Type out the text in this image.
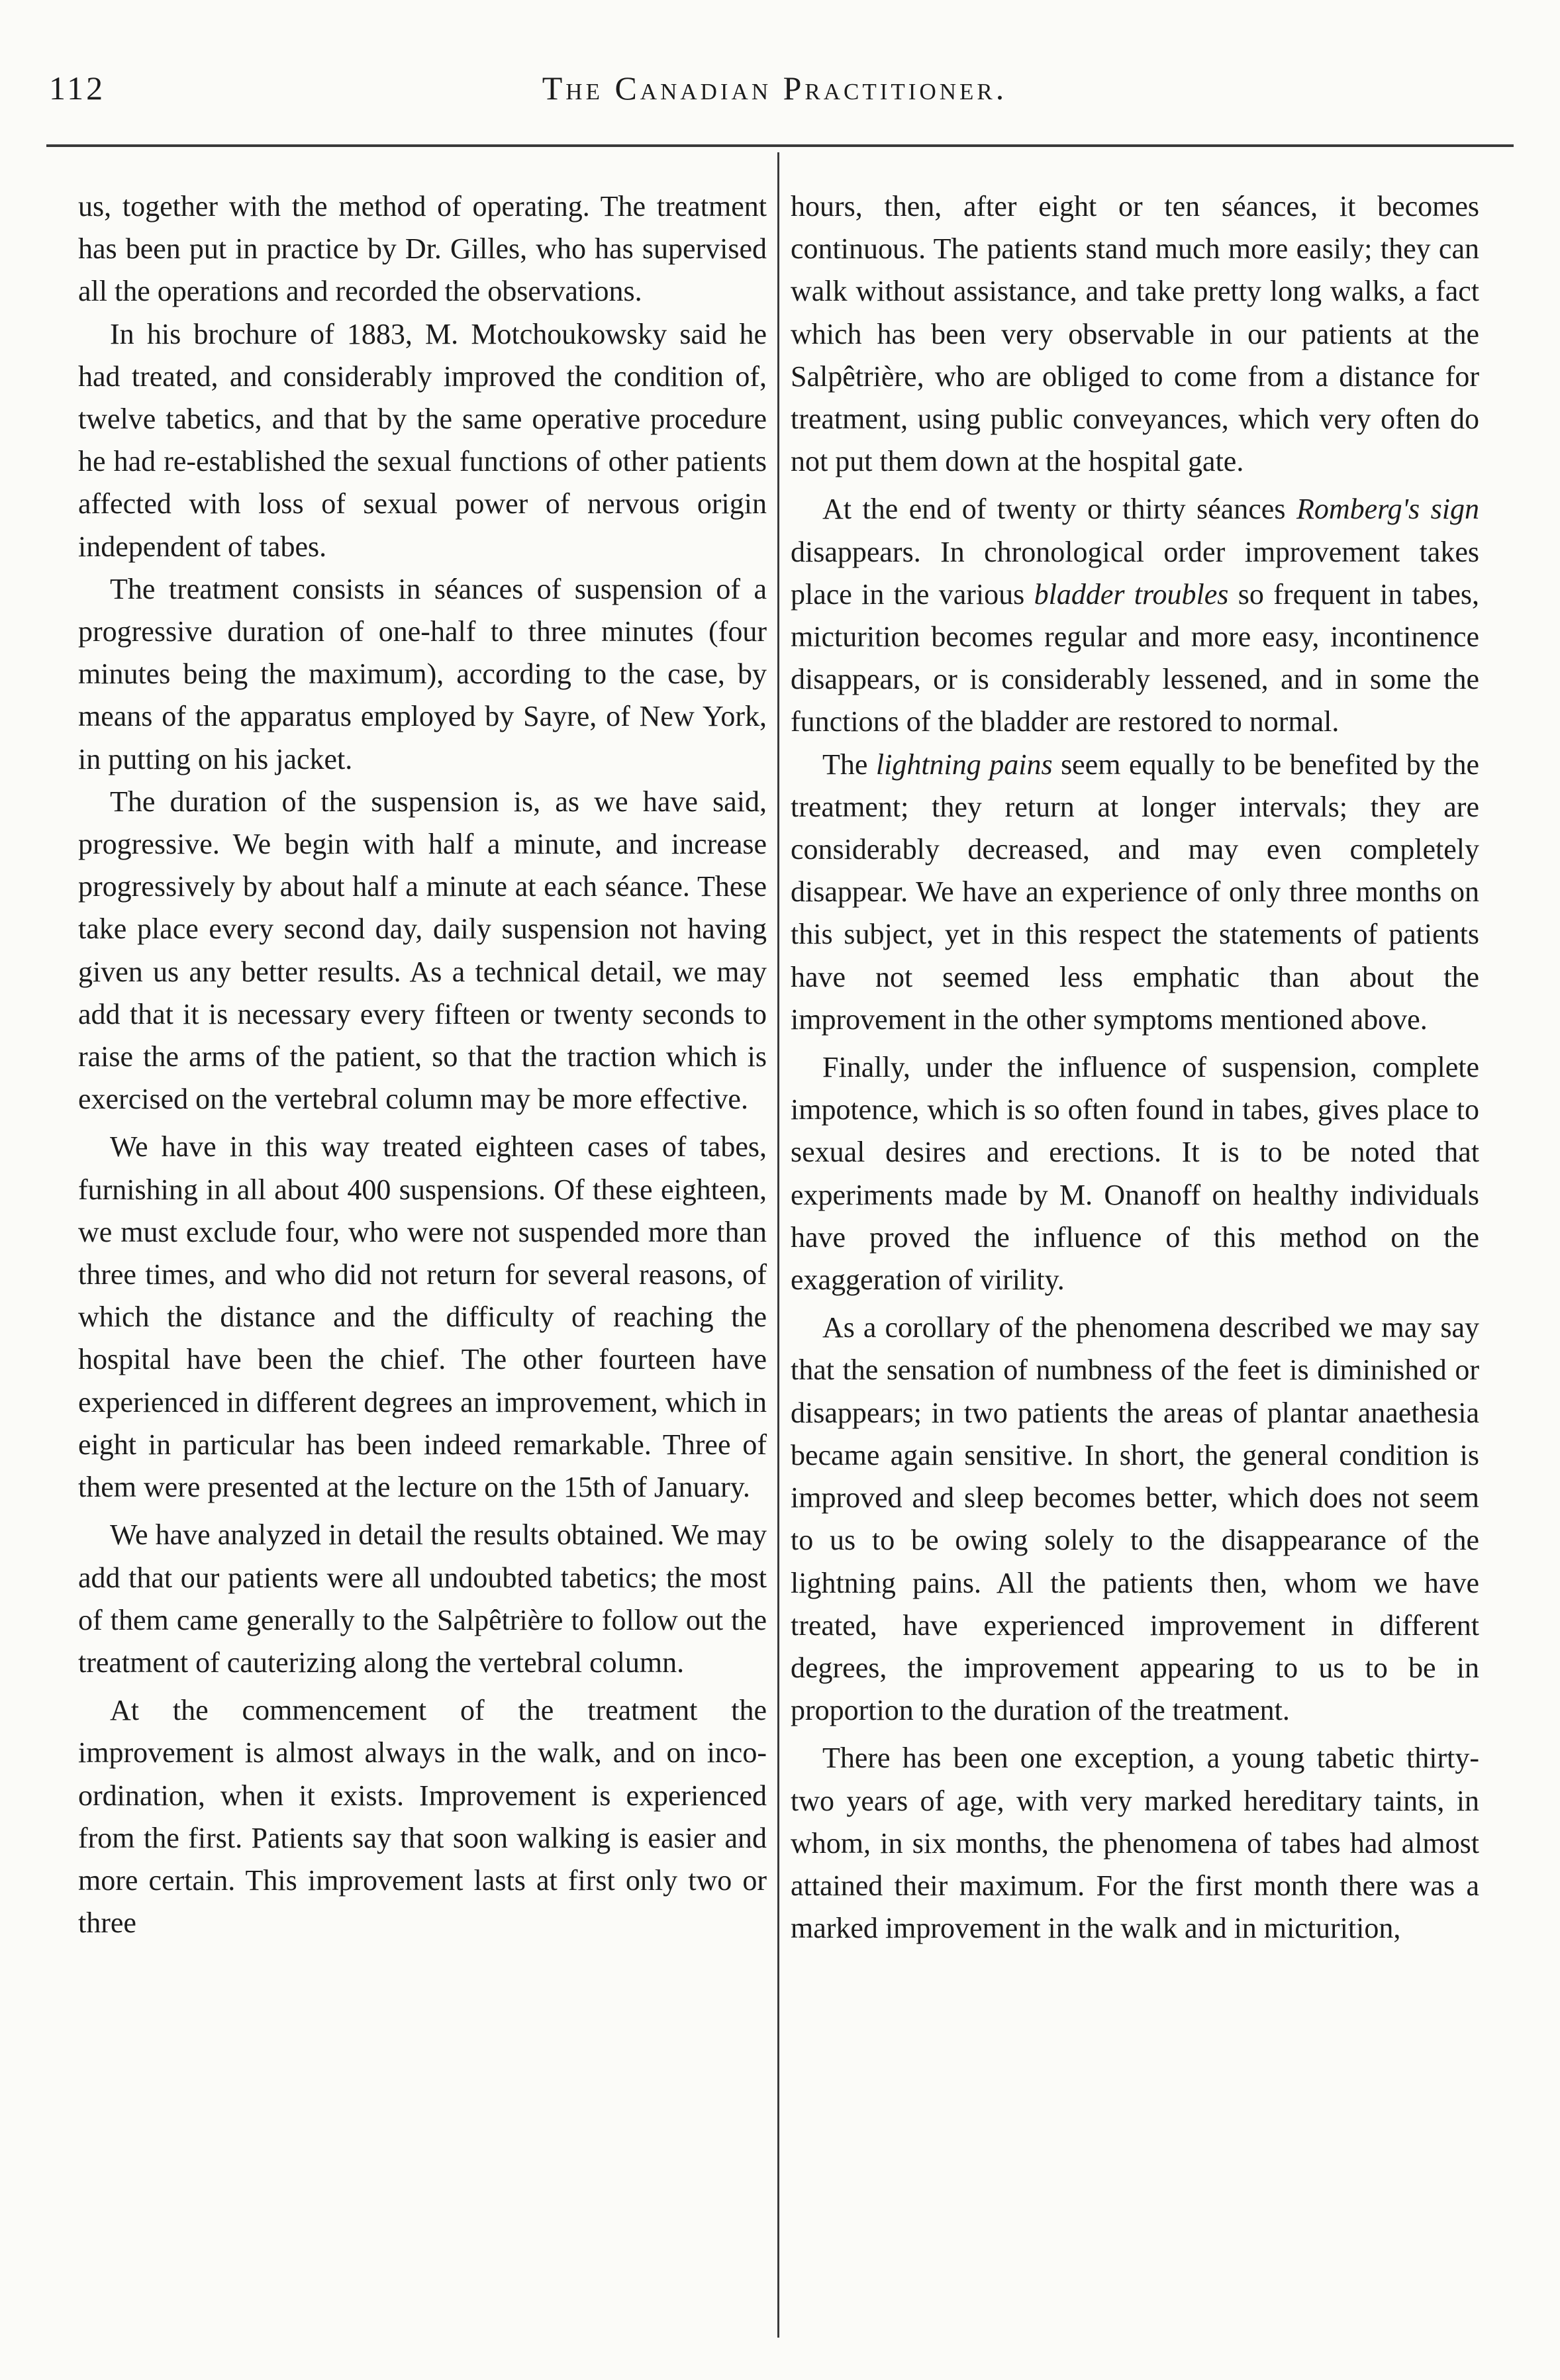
112	The Canadian Practitioner.

us, together with the method of operating. The treatment has been put in practice by Dr. Gilles, who has supervised all the operations and recorded the observations.

In his brochure of 1883, M. Motchoukowsky said he had treated, and considerably improved the condition of, twelve tabetics, and that by the same operative procedure he had re-established the sexual functions of other patients affected with loss of sexual power of nervous origin independent of tabes.

The treatment consists in séances of suspension of a progressive duration of one-half to three minutes (four minutes being the maximum), according to the case, by means of the apparatus employed by Sayre, of New York, in putting on his jacket.

The duration of the suspension is, as we have said, progressive. We begin with half a minute, and increase progressively by about half a minute at each séance. These take place every second day, daily suspension not having given us any better results. As a technical detail, we may add that it is necessary every fifteen or twenty seconds to raise the arms of the patient, so that the traction which is exercised on the vertebral column may be more effective.

We have in this way treated eighteen cases of tabes, furnishing in all about 400 suspensions. Of these eighteen, we must exclude four, who were not suspended more than three times, and who did not return for several reasons, of which the distance and the difficulty of reaching the hospital have been the chief. The other fourteen have experienced in different degrees an improvement, which in eight in particular has been indeed remarkable. Three of them were presented at the lecture on the 15th of January.

We have analyzed in detail the results obtained. We may add that our patients were all undoubted tabetics; the most of them came generally to the Salpêtrière to follow out the treatment of cauterizing along the vertebral column.

At the commencement of the treatment the improvement is almost always in the walk, and on inco-ordination, when it exists. Improvement is experienced from the first. Patients say that soon walking is easier and more certain. This improvement lasts at first only two or three

hours, then, after eight or ten séances, it becomes continuous. The patients stand much more easily; they can walk without assistance, and take pretty long walks, a fact which has been very observable in our patients at the Salpêtrière, who are obliged to come from a distance for treatment, using public conveyances, which very often do not put them down at the hospital gate.

At the end of twenty or thirty séances Romberg's sign disappears. In chronological order improvement takes place in the various bladder troubles so frequent in tabes, micturition becomes regular and more easy, incontinence disappears, or is considerably lessened, and in some the functions of the bladder are restored to normal.

The lightning pains seem equally to be benefited by the treatment; they return at longer intervals; they are considerably decreased, and may even completely disappear. We have an experience of only three months on this subject, yet in this respect the statements of patients have not seemed less emphatic than about the improvement in the other symptoms mentioned above.

Finally, under the influence of suspension, complete impotence, which is so often found in tabes, gives place to sexual desires and erections. It is to be noted that experiments made by M. Onanoff on healthy individuals have proved the influence of this method on the exaggeration of virility.

As a corollary of the phenomena described we may say that the sensation of numbness of the feet is diminished or disappears; in two patients the areas of plantar anaethesia became again sensitive. In short, the general condition is improved and sleep becomes better, which does not seem to us to be owing solely to the disappearance of the lightning pains. All the patients then, whom we have treated, have experienced improvement in different degrees, the improvement appearing to us to be in proportion to the duration of the treatment.

There has been one exception, a young tabetic thirty-two years of age, with very marked hereditary taints, in whom, in six months, the phenomena of tabes had almost attained their maximum. For the first month there was a marked improvement in the walk and in micturition,
